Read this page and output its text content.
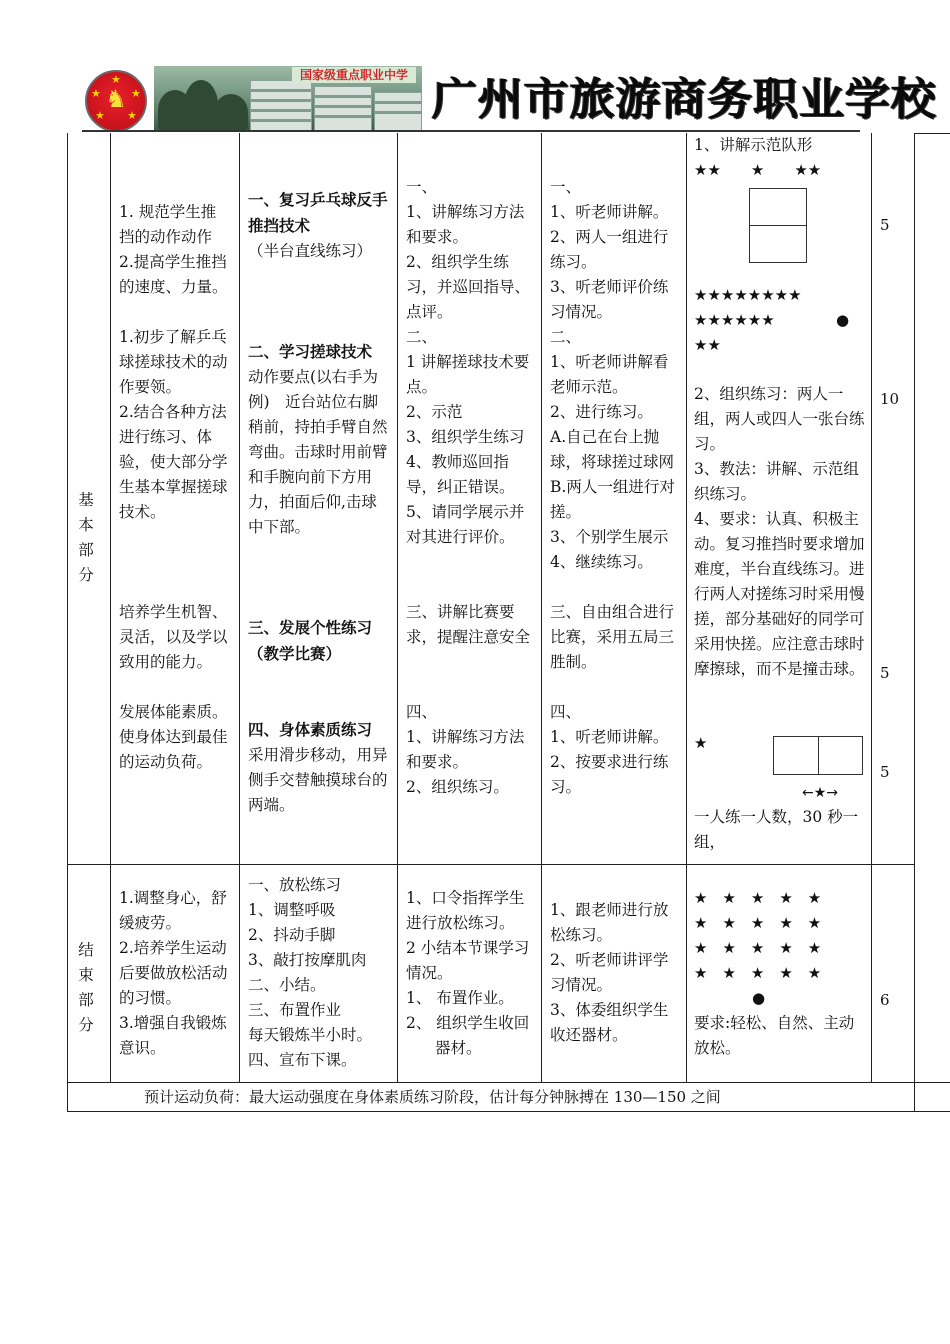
★
★	★
★ ★
♞
国家级重点职业中学 广州市旅游商务职业学校
基
本
部
分

1. 规范学生推挡的动作动作

2.提高学生推挡的速度、力量。

1.初步了解乒乓球搓球技术的动作要领。

2.结合各种方法进行练习、体验，使大部分学生基本掌握搓球技术。

培养学生机智、灵活，以及学以致用的能力。

发展体能素质。使身体达到最佳的运动负荷。

一、复习乒乓球反手推挡技术

（半台直线练习）

二、学习搓球技术

动作要点(以右手为例)　近台站位右脚稍前，持拍手臂自然弯曲。击球时用前臂和手腕向前下方用力，拍面后仰,击球中下部。

三、发展个性练习（教学比赛）

四、身体素质练习

采用滑步移动，用异侧手交替触摸球台的两端。

一、

1、讲解练习方法和要求。

2、组织学生练习，并巡回指导、点评。

二、

1 讲解搓球技术要点。

2、示范

3、组织学生练习

4、教师巡回指导，纠正错误。

5、请同学展示并对其进行评价。

三、讲解比赛要求，提醒注意安全

四、

1、讲解练习方法和要求。

2、组织练习。

一、

1、听老师讲解。

2、两人一组进行练习。

3、听老师评价练习情况。

二、

1、听老师讲解看老师示范。

2、进行练习。

A.自己在台上抛球，将球搓过球网

B.两人一组进行对搓。

3、个别学生展示

4、继续练习。

三、自由组合进行比赛，采用五局三胜制。

四、

1、听老师讲解。

2、按要求进行练习。

1、讲解示范队形

★★　　★　　★★

★★★★★★★★

★★★★★★	●

★★

2、组织练习：两人一组，两人或四人一张台练习。

3、教法：讲解、示范组织练习。

4、要求：认真、积极主动。复习推挡时要求增加难度，半台直线练习。进行两人对搓练习时采用慢搓，部分基础好的同学可采用快搓。应注意击球时摩擦球，而不是撞击球。

★
←★→
一人练一人数，30 秒一组，
5
10
5
5
结
束
部
分

1.调整身心，舒缓疲劳。

2.培养学生运动后要做放松活动的习惯。

3.增强自我锻炼意识。

一、放松练习

1、调整呼吸

2、抖动手脚

3、敲打按摩肌肉

二、小结。

三、布置作业

每天锻炼半小时。

四、宣布下课。

1、口令指挥学生进行放松练习。

2 小结本节课学习情况。

1、 布置作业。

2、 组织学生收回器材。

1、跟老师进行放松练习。

2、听老师讲评学习情况。

3、体委组织学生收还器材。

★　★　★　★　★

★　★　★　★　★

★　★　★　★　★

★　★　★　★　★

●

要求:轻松、自然、主动放松。
6
预计运动负荷：最大运动强度在身体素质练习阶段，估计每分钟脉搏在 130—150 之间
